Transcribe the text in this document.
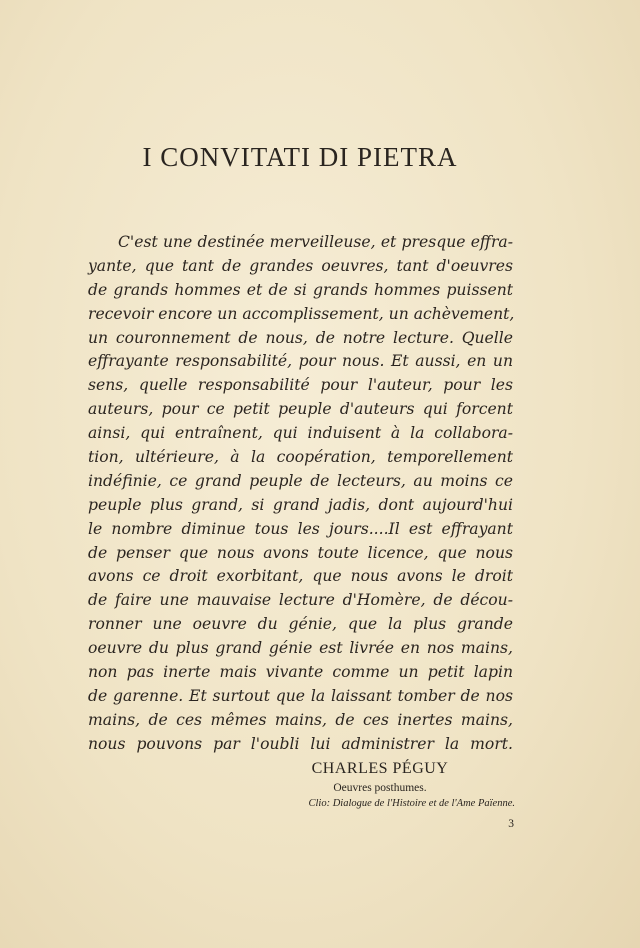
I CONVITATI DI PIETRA
C'est une destinée merveilleuse, et presque effra-
yante, que tant de grandes oeuvres, tant d'oeuvres
de grands hommes et de si grands hommes puissent
recevoir encore un accomplissement, un achèvement,
un couronnement de nous, de notre lecture. Quelle
effrayante responsabilité, pour nous. Et aussi, en un
sens, quelle responsabilité pour l'auteur, pour les
auteurs, pour ce petit peuple d'auteurs qui forcent
ainsi, qui entraînent, qui induisent à la collabora-
tion, ultérieure, à la coopération, temporellement
indéfinie, ce grand peuple de lecteurs, au moins ce
peuple plus grand, si grand jadis, dont aujourd'hui
le nombre diminue tous les jours....Il est effrayant
de penser que nous avons toute licence, que nous
avons ce droit exorbitant, que nous avons le droit
de faire une mauvaise lecture d'Homère, de décou-
ronner une oeuvre du génie, que la plus grande
oeuvre du plus grand génie est livrée en nos mains,
non pas inerte mais vivante comme un petit lapin
de garenne. Et surtout que la laissant tomber de nos
mains, de ces mêmes mains, de ces inertes mains,
nous pouvons par l'oubli lui administrer la mort.
CHARLES PÉGUY
Oeuvres posthumes.
Clio: Dialogue de l'Histoire et de l'Ame Païenne.
3
